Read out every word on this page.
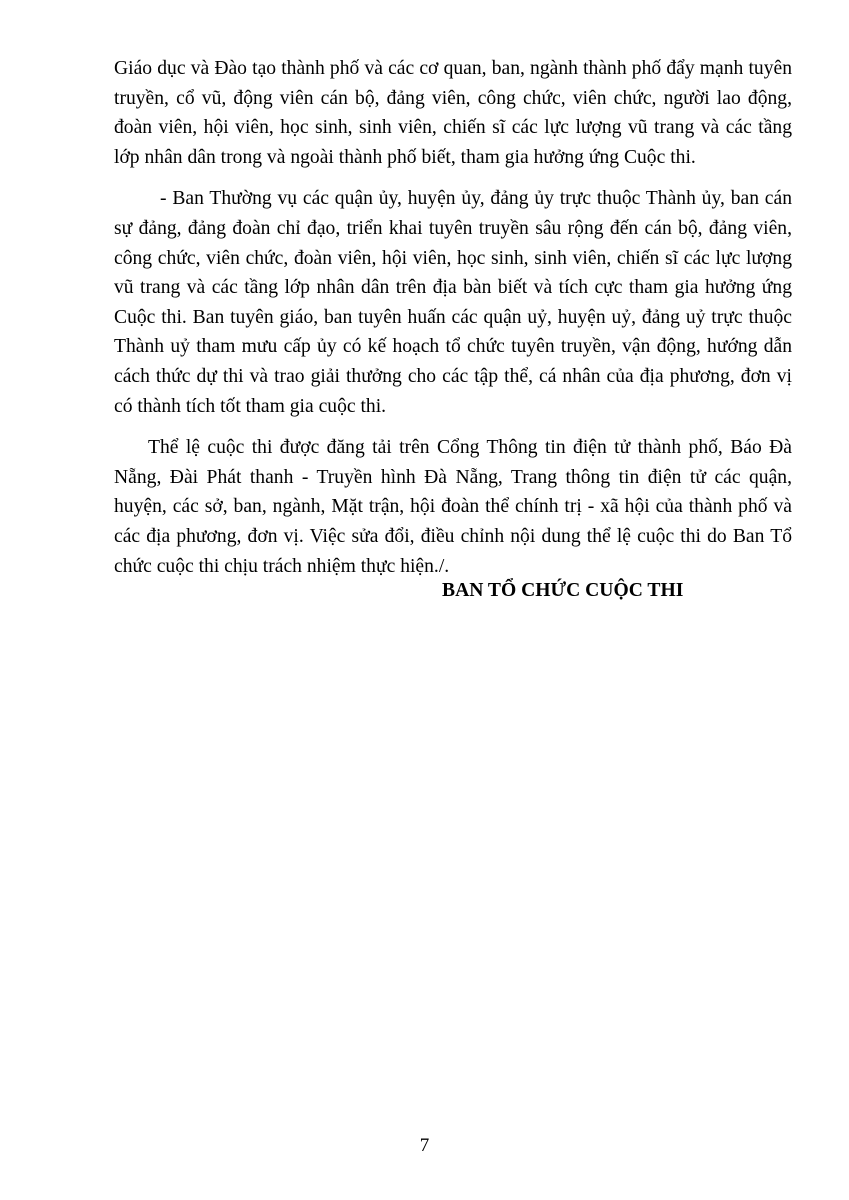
Giáo dục và Đào tạo thành phố và các cơ quan, ban, ngành thành phố đẩy mạnh tuyên truyền, cổ vũ, động viên cán bộ, đảng viên, công chức, viên chức, người lao động, đoàn viên, hội viên, học sinh, sinh viên, chiến sĩ các lực lượng vũ trang và các tầng lớp nhân dân trong và ngoài thành phố biết, tham gia hưởng ứng Cuộc thi.

- Ban Thường vụ các quận ủy, huyện ủy, đảng ủy trực thuộc Thành ủy, ban cán sự đảng, đảng đoàn chỉ đạo, triển khai tuyên truyền sâu rộng đến cán bộ, đảng viên, công chức, viên chức, đoàn viên, hội viên, học sinh, sinh viên, chiến sĩ các lực lượng vũ trang và các tầng lớp nhân dân trên địa bàn biết và tích cực tham gia hưởng ứng Cuộc thi. Ban tuyên giáo, ban tuyên huấn các quận uỷ, huyện uỷ, đảng uỷ trực thuộc Thành uỷ tham mưu cấp ủy có kế hoạch tổ chức tuyên truyền, vận động, hướng dẫn cách thức dự thi và trao giải thưởng cho các tập thể, cá nhân của địa phương, đơn vị có thành tích tốt tham gia cuộc thi.

Thể lệ cuộc thi được đăng tải trên Cổng Thông tin điện tử thành phố, Báo Đà Nẵng, Đài Phát thanh - Truyền hình Đà Nẵng, Trang thông tin điện tử các quận, huyện, các sở, ban, ngành, Mặt trận, hội đoàn thể chính trị - xã hội của thành phố và các địa phương, đơn vị. Việc sửa đổi, điều chỉnh nội dung thể lệ cuộc thi do Ban Tổ chức cuộc thi chịu trách nhiệm thực hiện./.

BAN TỔ CHỨC CUỘC THI
7
